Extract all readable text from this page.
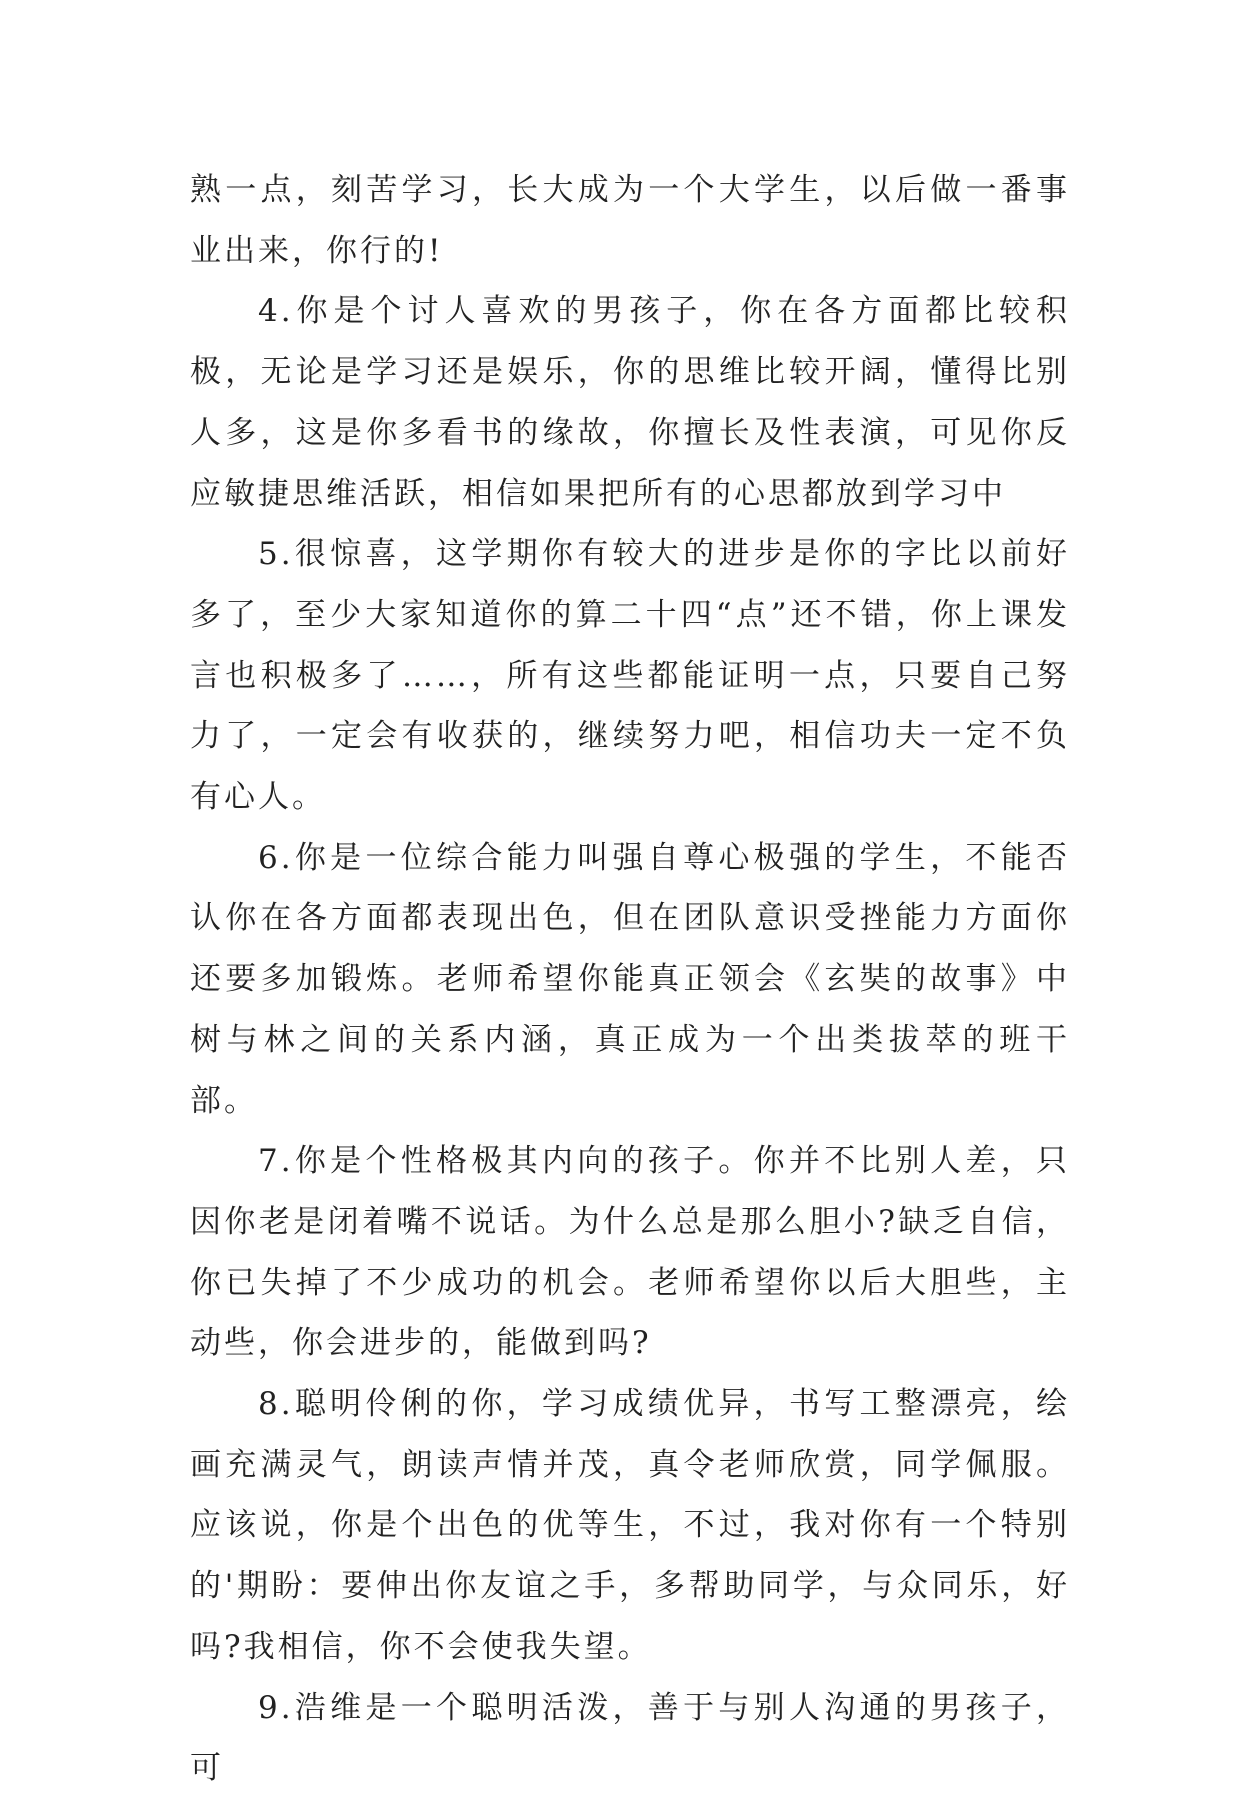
熟一点，刻苦学习，长大成为一个大学生，以后做一番事业出来，你行的!

4.你是个讨人喜欢的男孩子，你在各方面都比较积极，无论是学习还是娱乐，你的思维比较开阔，懂得比别人多，这是你多看书的缘故，你擅长及性表演，可见你反应敏捷思维活跃，相信如果把所有的心思都放到学习中

5.很惊喜，这学期你有较大的进步是你的字比以前好多了，至少大家知道你的算二十四“点”还不错，你上课发言也积极多了……，所有这些都能证明一点，只要自己努力了，一定会有收获的，继续努力吧，相信功夫一定不负有心人。

6.你是一位综合能力叫强自尊心极强的学生，不能否认你在各方面都表现出色，但在团队意识受挫能力方面你还要多加锻炼。老师希望你能真正领会《玄奘的故事》中树与林之间的关系内涵，真正成为一个出类拔萃的班干部。

7.你是个性格极其内向的孩子。你并不比别人差，只因你老是闭着嘴不说话。为什么总是那么胆小?缺乏自信，你已失掉了不少成功的机会。老师希望你以后大胆些，主动些，你会进步的，能做到吗?

8.聪明伶俐的你，学习成绩优异，书写工整漂亮，绘画充满灵气，朗读声情并茂，真令老师欣赏，同学佩服。应该说，你是个出色的优等生，不过，我对你有一个特别的'期盼：要伸出你友谊之手，多帮助同学，与众同乐，好吗?我相信，你不会使我失望。

9.浩维是一个聪明活泼，善于与别人沟通的男孩子，可
